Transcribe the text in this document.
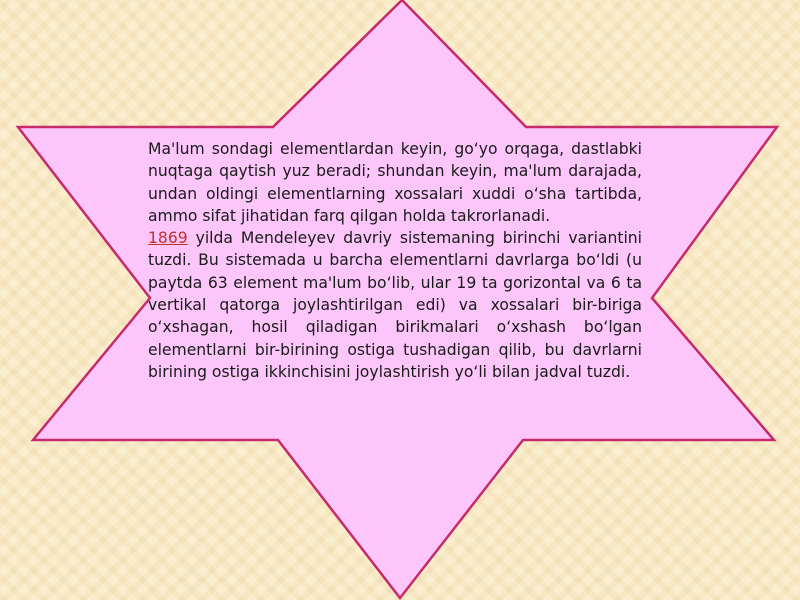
Ma'lum sondagi elementlardan keyin, go‘yo orqaga, dastlabki nuqtaga qaytish yuz beradi; shundan keyin, ma'lum darajada, undan oldingi elementlarning xossalari xuddi o‘sha tartibda, ammo sifat jihatidan farq qilgan holda takrorlanadi.

1869 yilda Mendeleyev davriy sistemaning birinchi variantini tuzdi. Bu sistemada u barcha elementlarni davrlarga bo‘ldi (u paytda 63 element ma'lum bo‘lib, ular 19 ta gorizontal va 6 ta vertikal qatorga joylashtirilgan edi) va xossalari bir-biriga o‘xshagan, hosil qiladigan birikmalari o‘xshash bo‘lgan elementlarni bir-birining ostiga tushadigan qilib, bu davrlarni birining ostiga ikkinchisini joylashtirish yo‘li bilan jadval tuzdi.
